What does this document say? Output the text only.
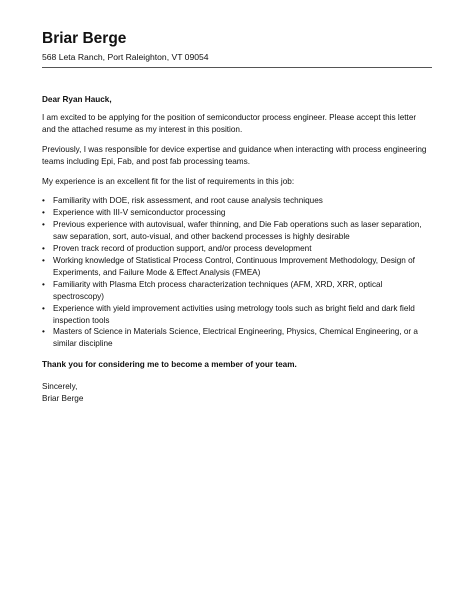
Briar Berge
568 Leta Ranch, Port Raleighton, VT 09054

Dear Ryan Hauck,

I am excited to be applying for the position of semiconductor process engineer. Please accept this letter and the attached resume as my interest in this position.

Previously, I was responsible for device expertise and guidance when interacting with process engineering teams including Epi, Fab, and post fab processing teams.

My experience is an excellent fit for the list of requirements in this job:

• Familiarity with DOE, risk assessment, and root cause analysis techniques
• Experience with III-V semiconductor processing
• Previous experience with autovisual, wafer thinning, and Die Fab operations such as laser separation, saw separation, sort, auto-visual, and other backend processes is highly desirable
• Proven track record of production support, and/or process development
• Working knowledge of Statistical Process Control, Continuous Improvement Methodology, Design of Experiments, and Failure Mode & Effect Analysis (FMEA)
• Familiarity with Plasma Etch process characterization techniques (AFM, XRD, XRR, optical spectroscopy)
• Experience with yield improvement activities using metrology tools such as bright field and dark field inspection tools
• Masters of Science in Materials Science, Electrical Engineering, Physics, Chemical Engineering, or a similar discipline

Thank you for considering me to become a member of your team.

Sincerely,

Briar Berge
